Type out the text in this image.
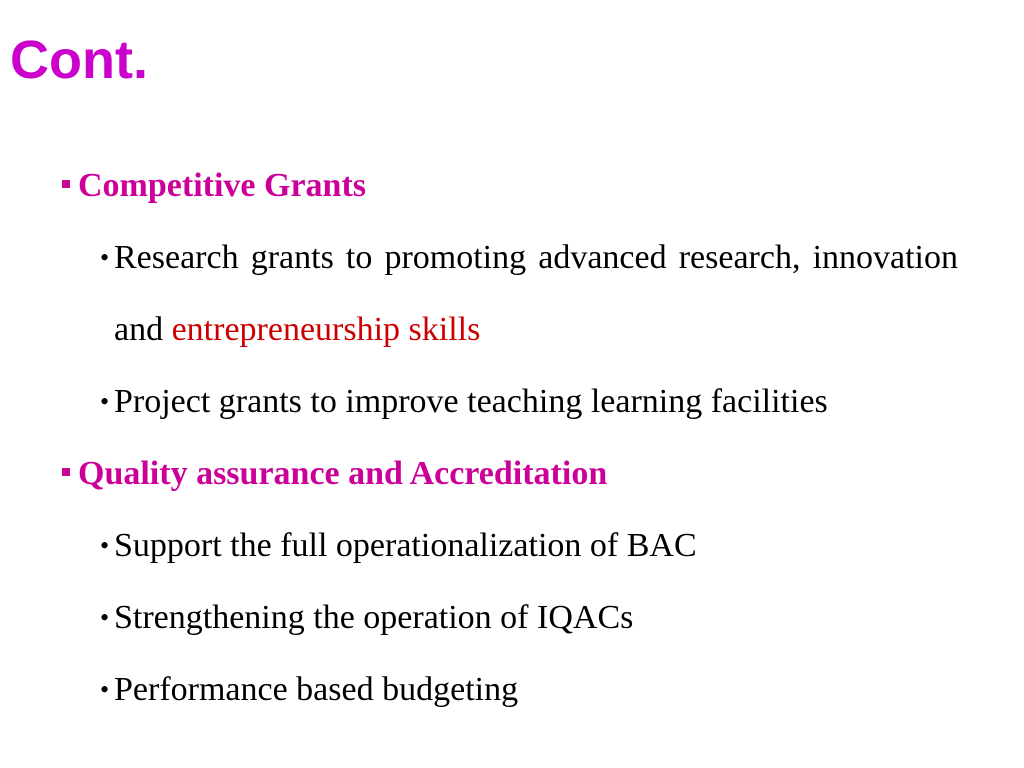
Cont.
Competitive Grants
• Research grants to promoting advanced research, innovation and entrepreneurship skills
• Project grants to improve teaching learning facilities
Quality assurance and Accreditation
• Support the full operationalization of BAC
• Strengthening the operation of IQACs
• Performance based budgeting
